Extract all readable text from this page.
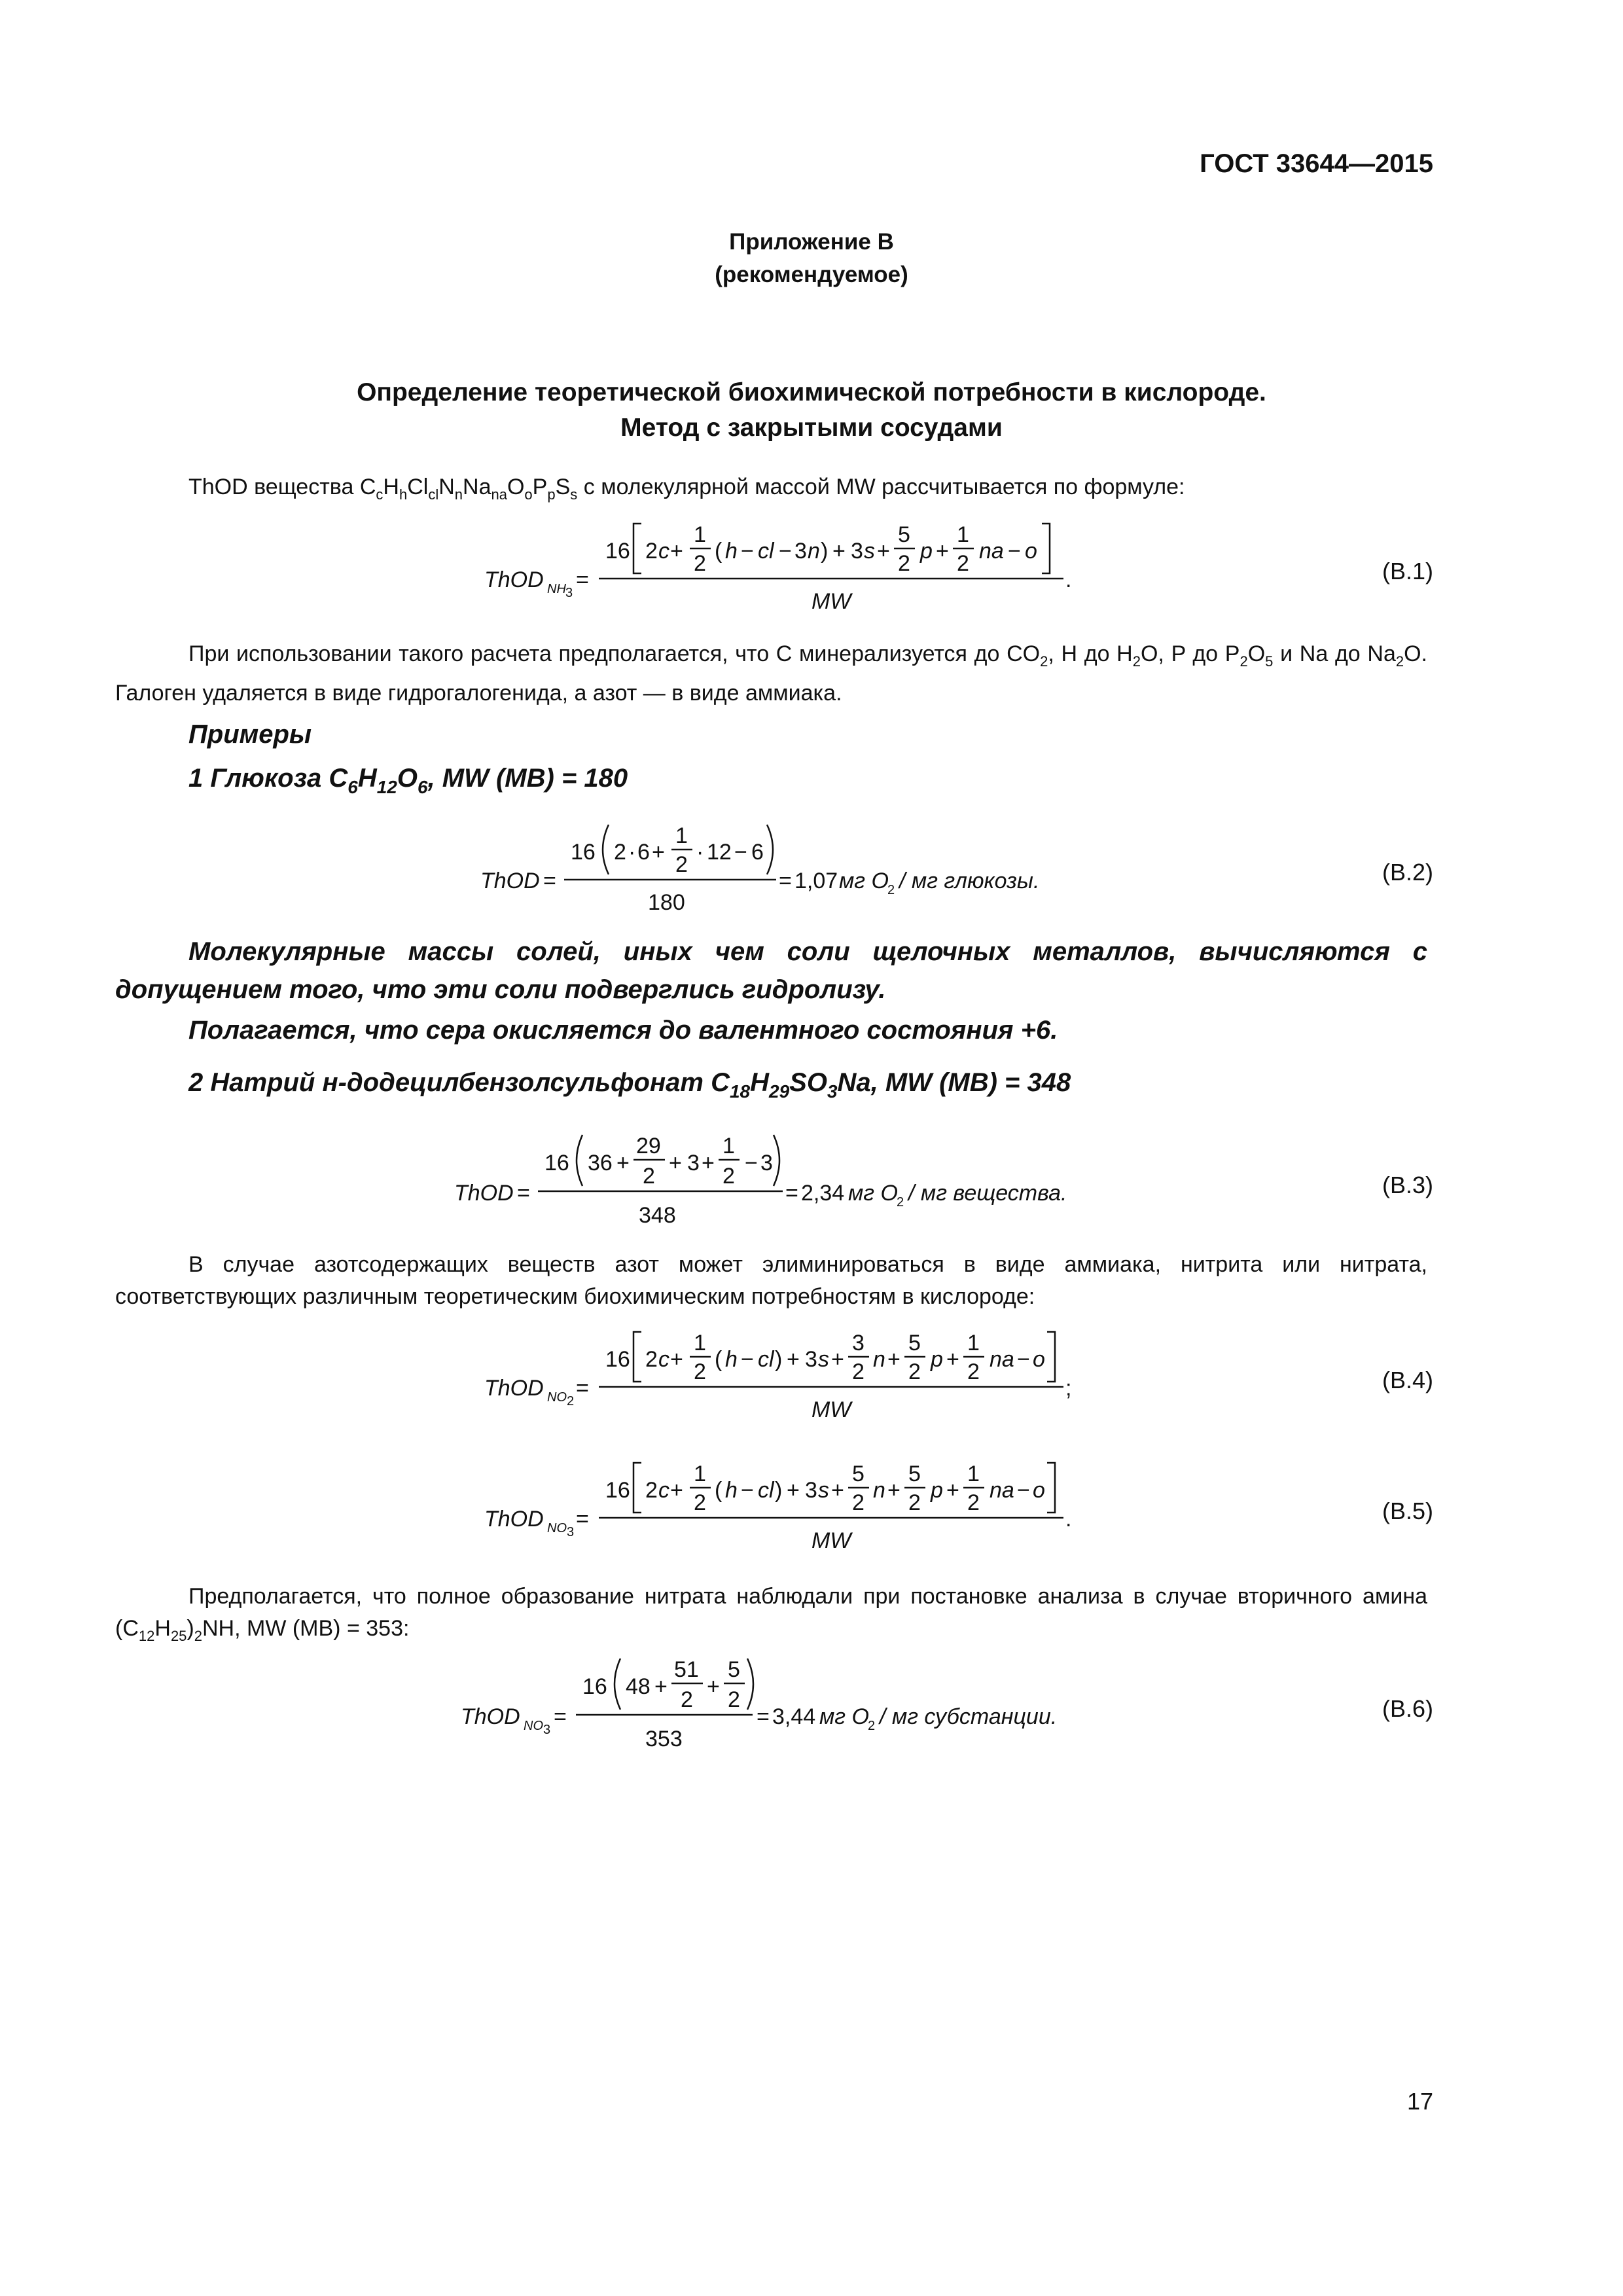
ГОСТ 33644—2015
Приложение В
(рекомендуемое)
Определение теоретической биохимической потребности в кислороде.
Метод с закрытыми сосудами
ThOD вещества $C_cH_hCl_{cl}N_nNa_{na}O_oP_pS_s$ с молекулярной массой MW рассчитывается по формуле:
ThOD NH 3
=
16 2 c +
1
2 ( h − cl − 3 n ) + 3 s +
5
2 p +
1
2 na − o
MW
.	(В.1)
При использовании такого расчета предполагается, что C минерализуется до $CO_2$, H до $H_2O$, P до $P_2O_5$ и Na до $Na_2O$. Галоген удаляется в виде гидрогалогенида, а азот — в виде аммиака.
Примеры
1 Глюкоза $C_6H_{12}O_6$, MW (МВ) = 180
ThOD =
16 2 · 6 +
1
2 · 12 − 6
180
= 1,07 мг O
2 / мг глюкозы.	(В.2)
Молекулярные массы солей, иных чем соли щелочных металлов, вычисляются с допущением того, что эти соли подверглись гидролизу.
Полагается, что сера окисляется до валентного состояния +6.
2 Натрий н-додецилбензолсульфонат $C_{18}H_{29}SO_3Na$, MW (МВ) = 348
ThOD =
16 36 +
29
2
+ 3 +
1
2
− 3
348
= 2,34 мг O
2 / мг вещества.	(В.3)
В случае азотсодержащих веществ азот может элиминироваться в виде аммиака, нитрита или нитрата, соответствующих различным теоретическим биохимическим потребностям в кислороде:
ThOD NO 2
=
16 2 c +
1
2 ( h − cl ) + 3 s +
3
2 n +
5
2 p +
1
2 na − o
MW
;	(В.4)
ThOD NO 3
=
16 2 c +
1
2 ( h − cl ) + 3 s +
5
2 n +
5
2 p +
1
2 na − o
MW
.	(В.5)
Предполагается, что полное образование нитрата наблюдали при постановке анализа в случае вторичного амина $(C_{12}H_{25})_2NH$, MW (МВ) = 353:
ThOD NO 3
=
16 48 +
51
2
+
5
2
353
= 3,44 мг O
2 / мг субстанции.	(В.6)
17
